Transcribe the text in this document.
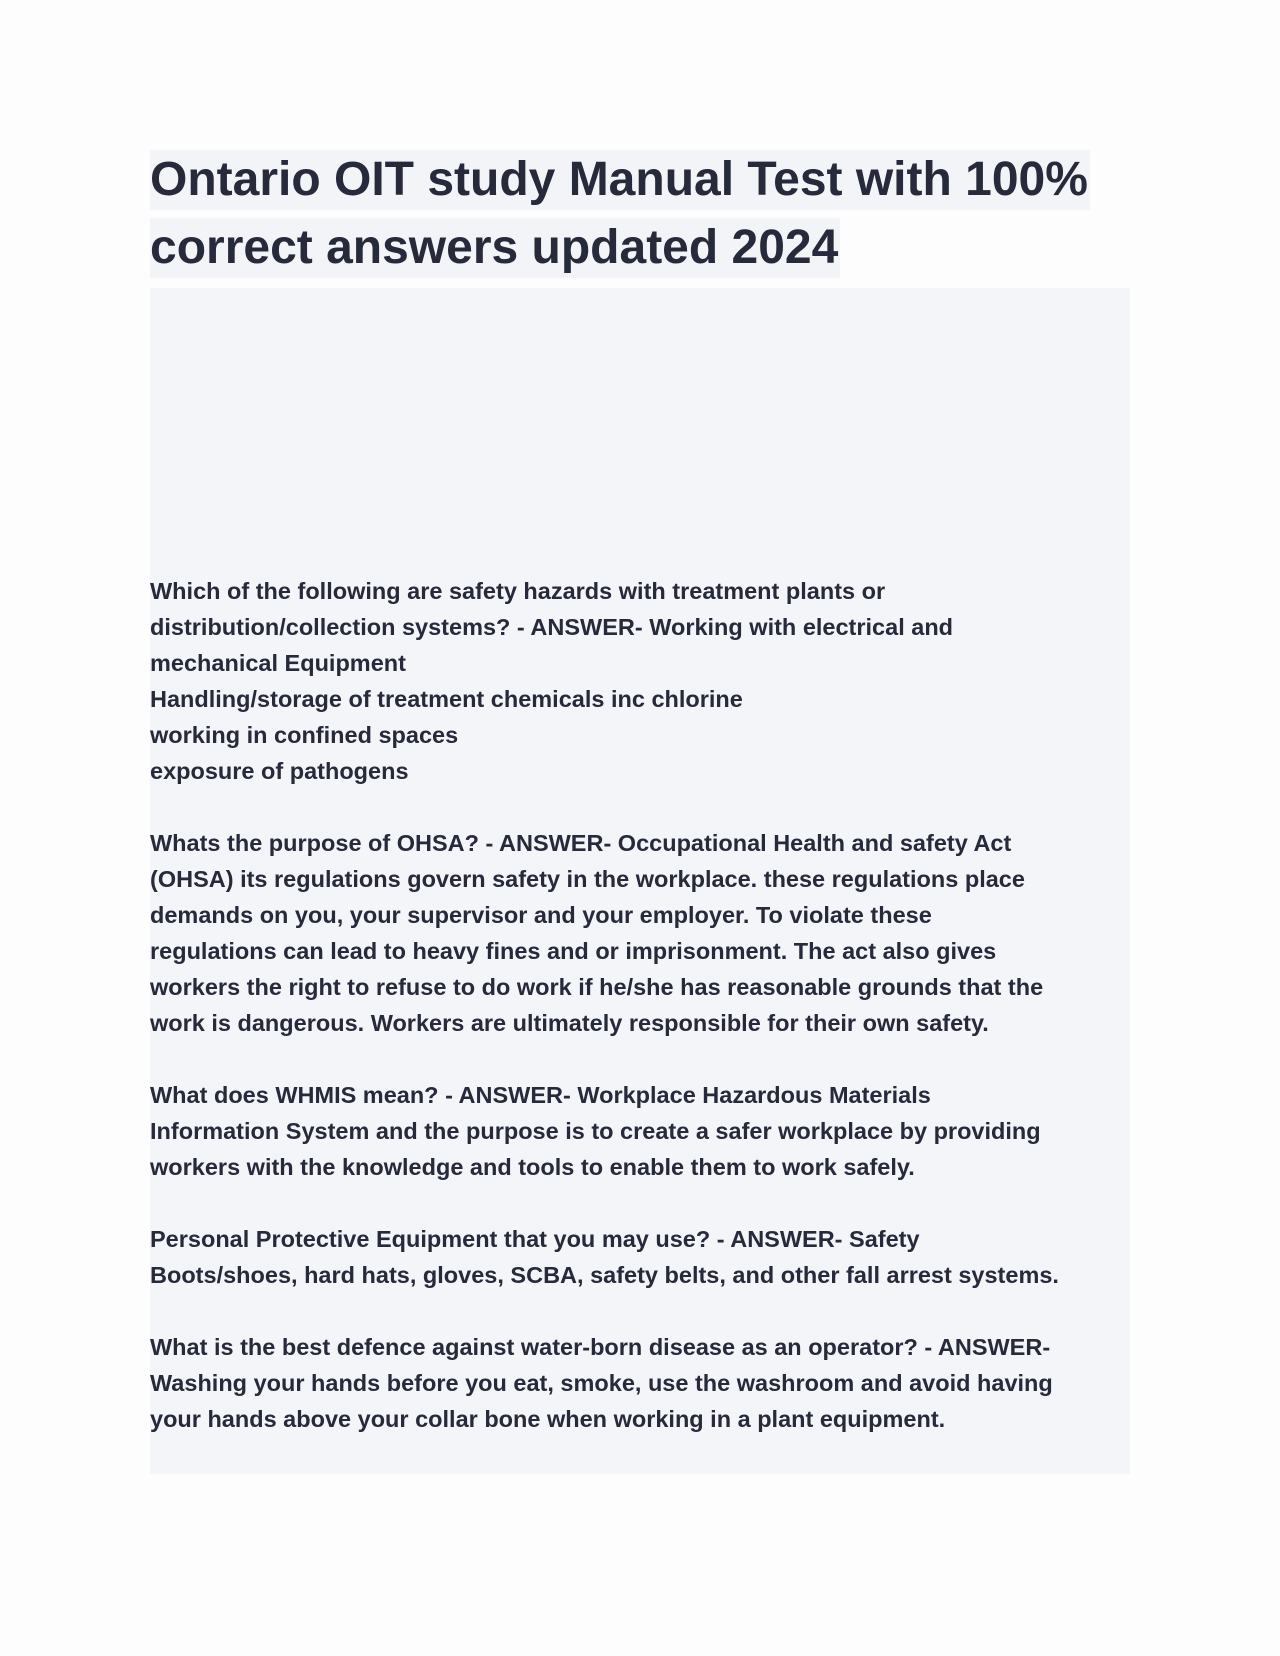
Ontario OIT study Manual Test with 100%
correct answers updated 2024
Which of the following are safety hazards with treatment plants or
distribution/collection systems? - ANSWER- Working with electrical and
mechanical Equipment
Handling/storage of treatment chemicals inc chlorine
working in confined spaces
exposure of pathogens
Whats the purpose of OHSA? - ANSWER- Occupational Health and safety Act
(OHSA) its regulations govern safety in the workplace. these regulations place
demands on you, your supervisor and your employer. To violate these
regulations can lead to heavy fines and or imprisonment. The act also gives
workers the right to refuse to do work if he/she has reasonable grounds that the
work is dangerous. Workers are ultimately responsible for their own safety.
What does WHMIS mean? - ANSWER- Workplace Hazardous Materials
Information System and the purpose is to create a safer workplace by providing
workers with the knowledge and tools to enable them to work safely.
Personal Protective Equipment that you may use? - ANSWER- Safety
Boots/shoes, hard hats, gloves, SCBA, safety belts, and other fall arrest systems.
What is the best defence against water-born disease as an operator? - ANSWER-
Washing your hands before you eat, smoke, use the washroom and avoid having
your hands above your collar bone when working in a plant equipment.
